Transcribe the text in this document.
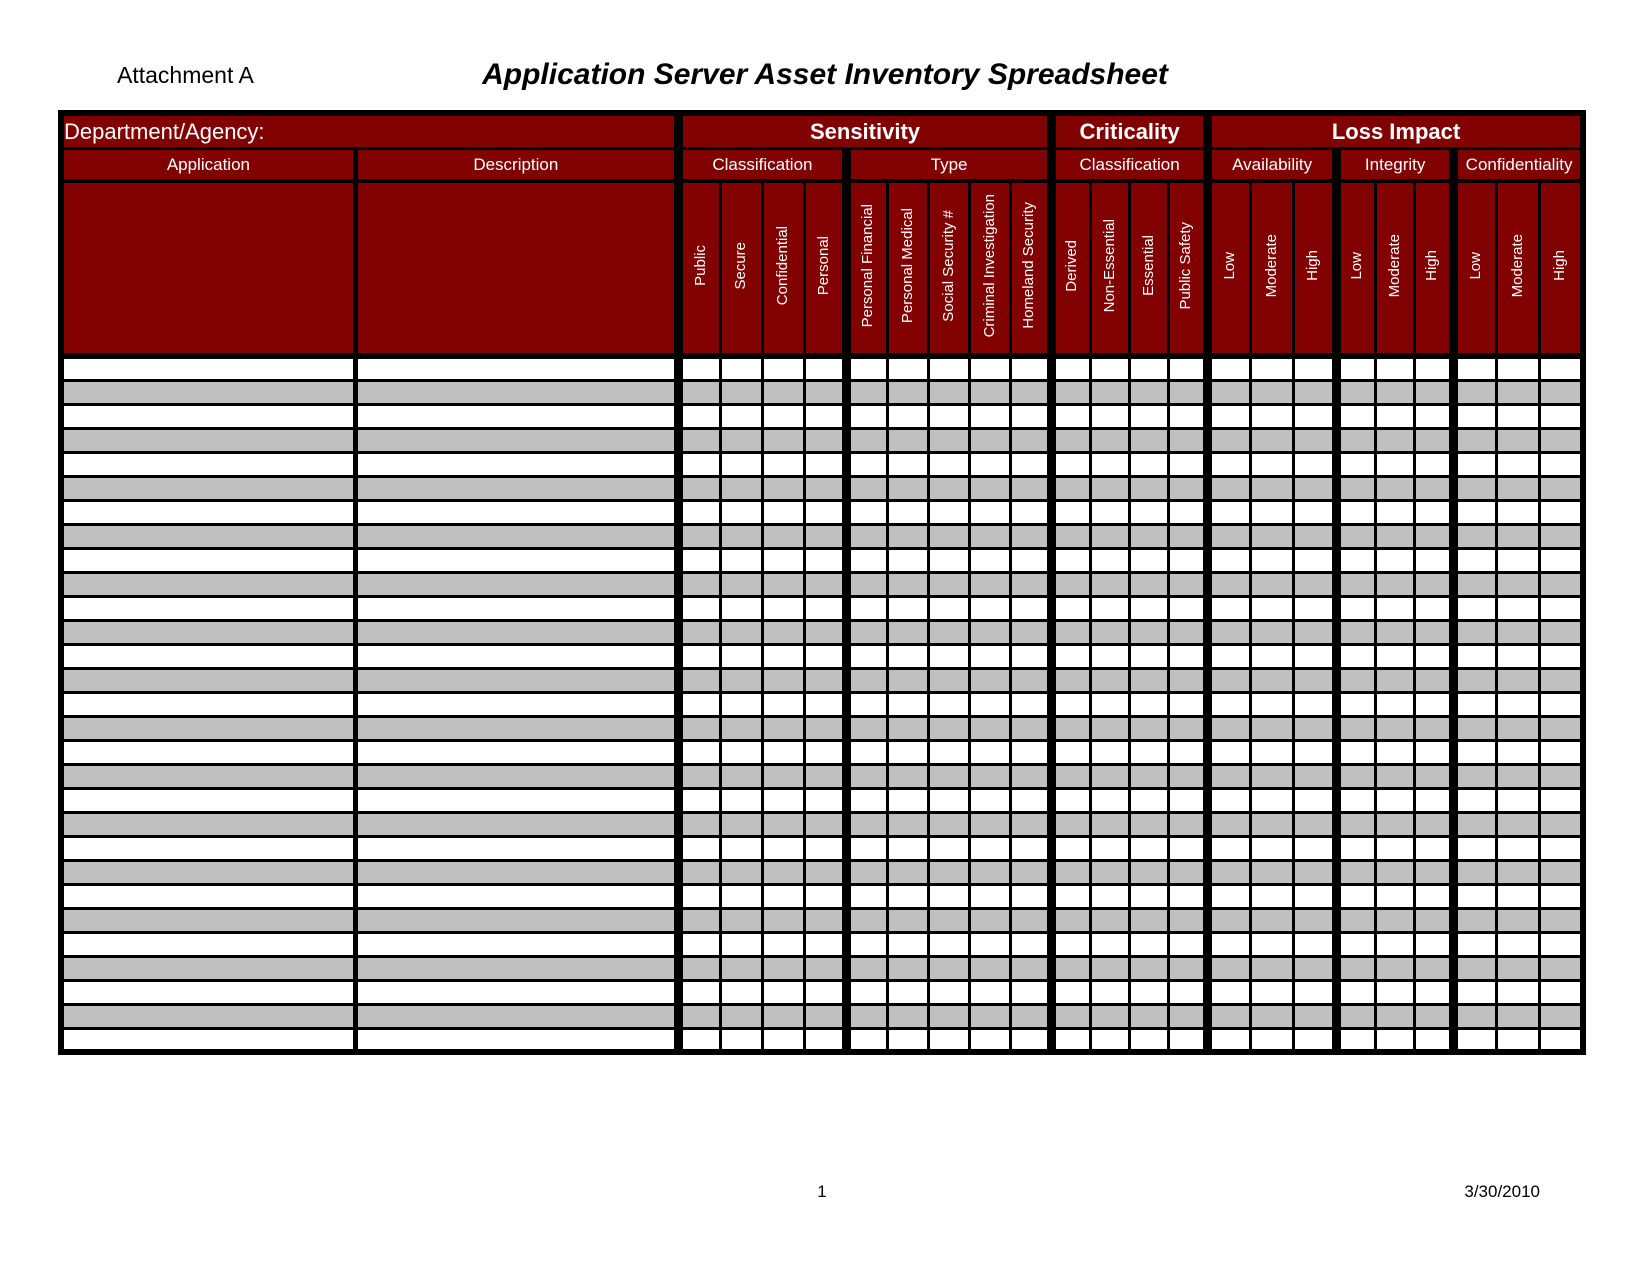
Attachment A	Application Server Asset Inventory Spreadsheet
Department/Agency:		Sensitivity									Criticality				Loss Impact								
Application	Description	Classification				Type					Classification				Availability			Integrity			Confidentiality		
		Public	Secure	Confidential	Personal	Personal Financial	Personal Medical	Social Security #	Criminal Investigation	Homeland Security	Derived	Non-Essential	Essential	Public Safety	Low	Moderate	High	Low	Moderate	High	Low	Moderate	High

1	3/30/2010
